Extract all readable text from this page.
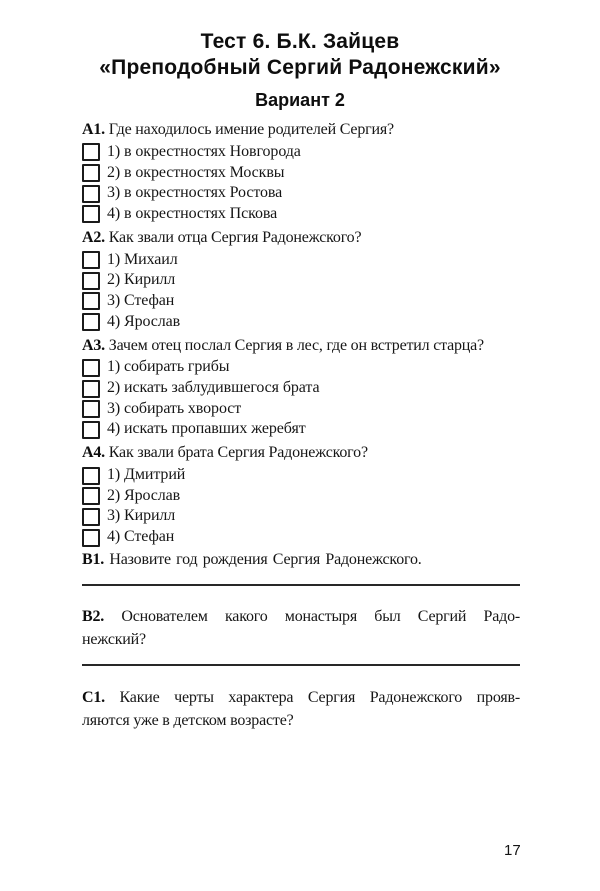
Тест 6. Б.К. Зайцев
«Преподобный Сергий Радонежский»
Вариант 2
А1. Где находилось имение родителей Сергия?
1) в окрестностях Новгорода
2) в окрестностях Москвы
3) в окрестностях Ростова
4) в окрестностях Пскова
А2. Как звали отца Сергия Радонежского?
1) Михаил
2) Кирилл
3) Стефан
4) Ярослав
А3. Зачем отец послал Сергия в лес, где он встретил старца?
1) собирать грибы
2) искать заблудившегося брата
3) собирать хворост
4) искать пропавших жеребят
А4. Как звали брата Сергия Радонежского?
1) Дмитрий
2) Ярослав
3) Кирилл
4) Стефан
В1. Назовите год рождения Сергия Радонежского.
В2. Основателем какого монастыря был Сергий Радо-
нежский?
С1. Какие черты характера Сергия Радонежского прояв-
ляются уже в детском возрасте?
17
